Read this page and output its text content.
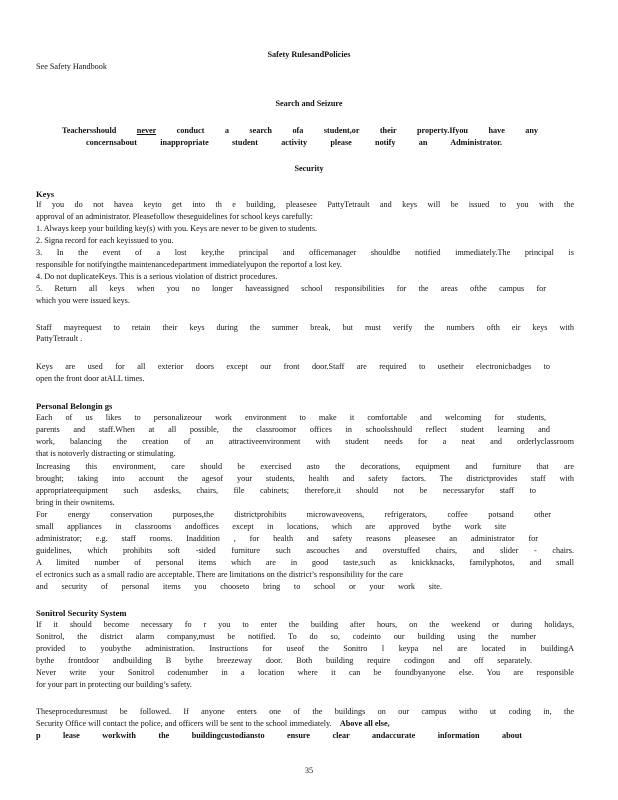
Safety RulesandPolicies
See Safety Handbook
Search and Seizure
Teachersshould never conduct a search ofa student,or their property.Ifyou have any
concernsabout inappropriate student activity please notify an Administrator.
Security
Keys
If you do not havea keyto get into th e building, pleasesee PattyTetrault and keys will be issued to you with the
approval of an administrator. Pleasefollow theseguidelines for school keys carefully:
1. Always keep your building key(s) with you. Keys are never to be given to students.
2. Signa record for each keyissued to you.
3. In the event of a lost key,the principal and officemanager shouldbe notified immediately.The principal is
responsible for notifyingthe maintenancedepartment immediatelyupon the reportof a lost key.
4. Do not duplicateKeys. This is a serious violation of district procedures.
5. Return all keys when you no longer haveassigned school responsibilities for the areas ofthe campus for
which you were issued keys.
Staff mayrequest to retain their keys during the summer break, but must verify the numbers ofth eir keys with
PattyTetrault .
Keys are used for all exterior doors except our front door.Staff are required to usetheir electronicbadges to
open the front door atALL times.
Personal Belongin gs
Each of us likes to personalizeour work environment to make it comfortable and welcoming for students,
parents and staff.When at all possible, the classroomor offices in schoolsshould reflect student learning and
work, balancing the creation of an attractiveenvironment with student needs for a neat and orderlyclassroom
that is notoverly distracting or stimulating.
Increasing this environment, care should be exercised asto the decorations, equipment and furniture that are
brought; taking into account the agesof your students, health and safety factors. The districtprovides staff with
appropriateequipment such asdesks, chairs, file cabinets; therefore,it should not be necessaryfor staff to
bring in their ownitems.
For energy conservation purposes,the districtprohibits microwaveovens, refrigerators, coffee potsand other
small appliances in classrooms andoffices except in locations, which are approved bythe work site
administrator; e.g. staff rooms. Inaddition , for health and safety reasons pleasesee an administrator for
guidelines, which prohibits soft -sided furniture such ascouches and overstuffed chairs, and slider - chairs.
A limited number of personal items which are in good taste,such as knickknacks, familyphotos, and small
el ectronics such as a small radio are acceptable. There are limitations on the district’s responsibility for the care
and security of personal items you chooseto bring to school or your work site.
Sonitrol Security System
If it should become necessary fo r you to enter the building after hours, on the weekend or during holidays,
Sonitrol, the district alarm company,must be notified. To do so, codeinto our building using the number
provided to youbythe administration. Instructions for useof the Sonitro l keypa nel are located in buildingA
bythe frontdoor andbuilding B bythe breezeway door. Both building require codingon and off separately.
Never write your Sonitrol codenumber in a location where it can be foundbyanyone else. You are responsible
for your part in protecting our building’s safety.
Theseproceduresmust be followed. If anyone enters one of the buildings on our campus witho ut coding in, the
Security Office will contact the police, and officers will be sent to the school immediately. Above all else,
p lease workwith the buildingcustodiansto ensure clear andaccurate information about
35
